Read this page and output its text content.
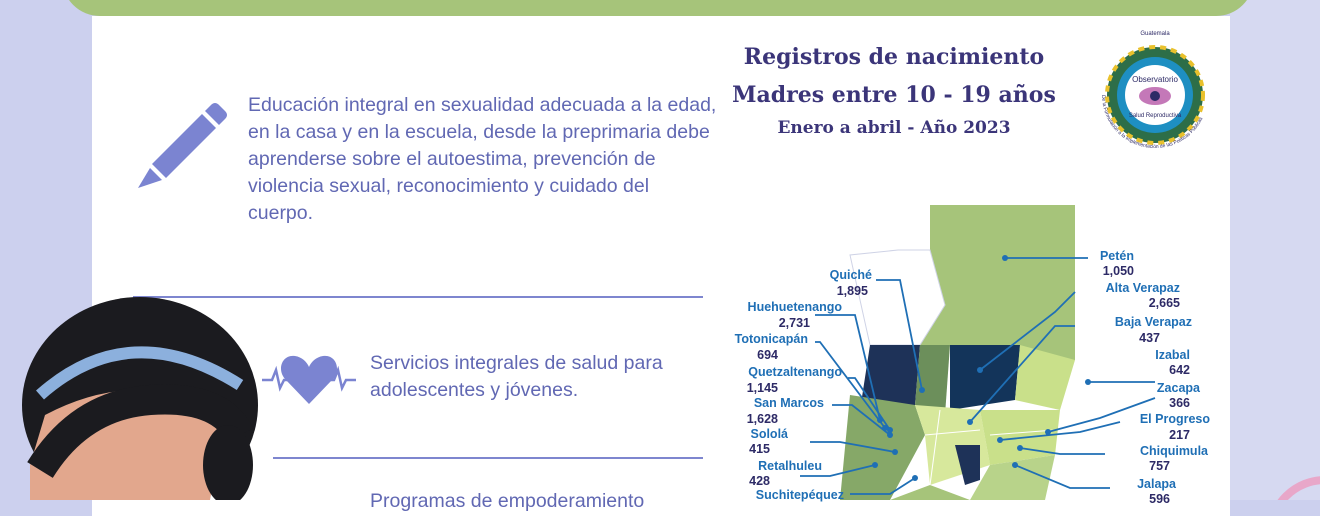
Educación integral en sexualidad adecuada a la edad, en la casa y en la escuela, desde la preprimaria debe aprenderse sobre el autoestima, prevención de violencia sexual, reconocimiento y cuidado del cuerpo.
Servicios integrales de salud para adolescentes y jóvenes.
Programas de empoderamiento
Registros de nacimiento
Madres entre 10 - 19 años
Enero a abril - Año 2023
Guatemala
Observatorio
Salud Reproductiva
De la Formulación a la Implementación de las Políticas Públicas
Quiché
1,895
Huehuetenango
2,731
Totonicapán
694
Quetzaltenango
1,145
San Marcos
1,628
Sololá
415
Retalhuleu
428
Suchitepéquez
Petén
1,050
Alta Verapaz
2,665
Baja Verapaz
437
Izabal
642
Zacapa
366
El Progreso
217
Chiquimula
757
Jalapa
596
